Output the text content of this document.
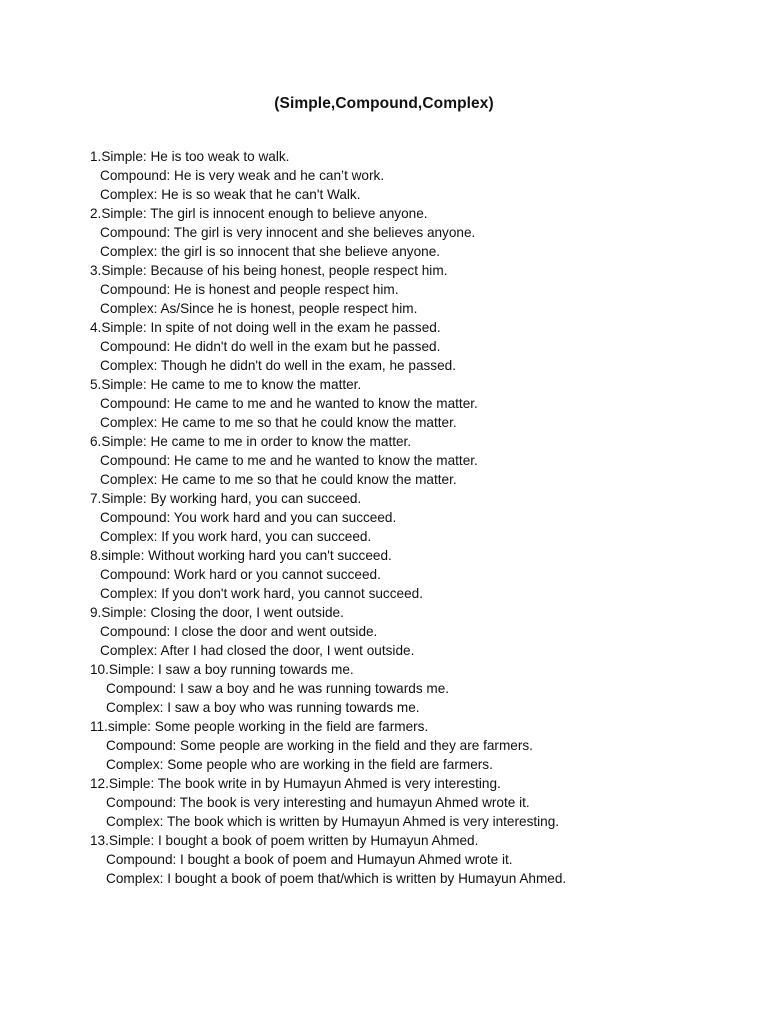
(Simple,Compound,Complex)
1.Simple: He is too weak to walk.
Compound: He is very weak and he can’t work.
Complex: He is so weak that he can't Walk.
2.Simple: The girl is innocent enough to believe anyone.
Compound: The girl is very innocent and she believes anyone.
Complex: the girl is so innocent that she believe anyone.
3.Simple: Because of his being honest, people respect him.
Compound: He is honest and people respect him.
Complex: As/Since he is honest, people respect him.
4.Simple: In spite of not doing well in the exam he passed.
Compound: He didn't do well in the exam but he passed.
Complex: Though he didn't do well in the exam, he passed.
5.Simple: He came to me to know the matter.
Compound: He came to me and he wanted to know the matter.
Complex: He came to me so that he could know the matter.
6.Simple: He came to me in order to know the matter.
Compound: He came to me and he wanted to know the matter.
Complex: He came to me so that he could know the matter.
7.Simple: By working hard, you can succeed.
Compound: You work hard and you can succeed.
Complex: If you work hard, you can succeed.
8.simple: Without working hard you can't succeed.
Compound: Work hard or you cannot succeed.
Complex: If you don't work hard, you cannot succeed.
9.Simple: Closing the door, I went outside.
Compound: I close the door and went outside.
Complex: After I had closed the door, I went outside.
10.Simple: I saw a boy running towards me.
Compound: I saw a boy and he was running towards me.
Complex: I saw a boy who was running towards me.
11.simple: Some people working in the field are farmers.
Compound: Some people are working in the field and they are farmers.
Complex: Some people who are working in the field are farmers.
12.Simple: The book write in by Humayun Ahmed is very interesting.
Compound: The book is very interesting and humayun Ahmed wrote it.
Complex: The book which is written by Humayun Ahmed is very interesting.
13.Simple: I bought a book of poem written by Humayun Ahmed.
Compound: I bought a book of poem and Humayun Ahmed wrote it.
Complex: I bought a book of poem that/which is written by Humayun Ahmed.
